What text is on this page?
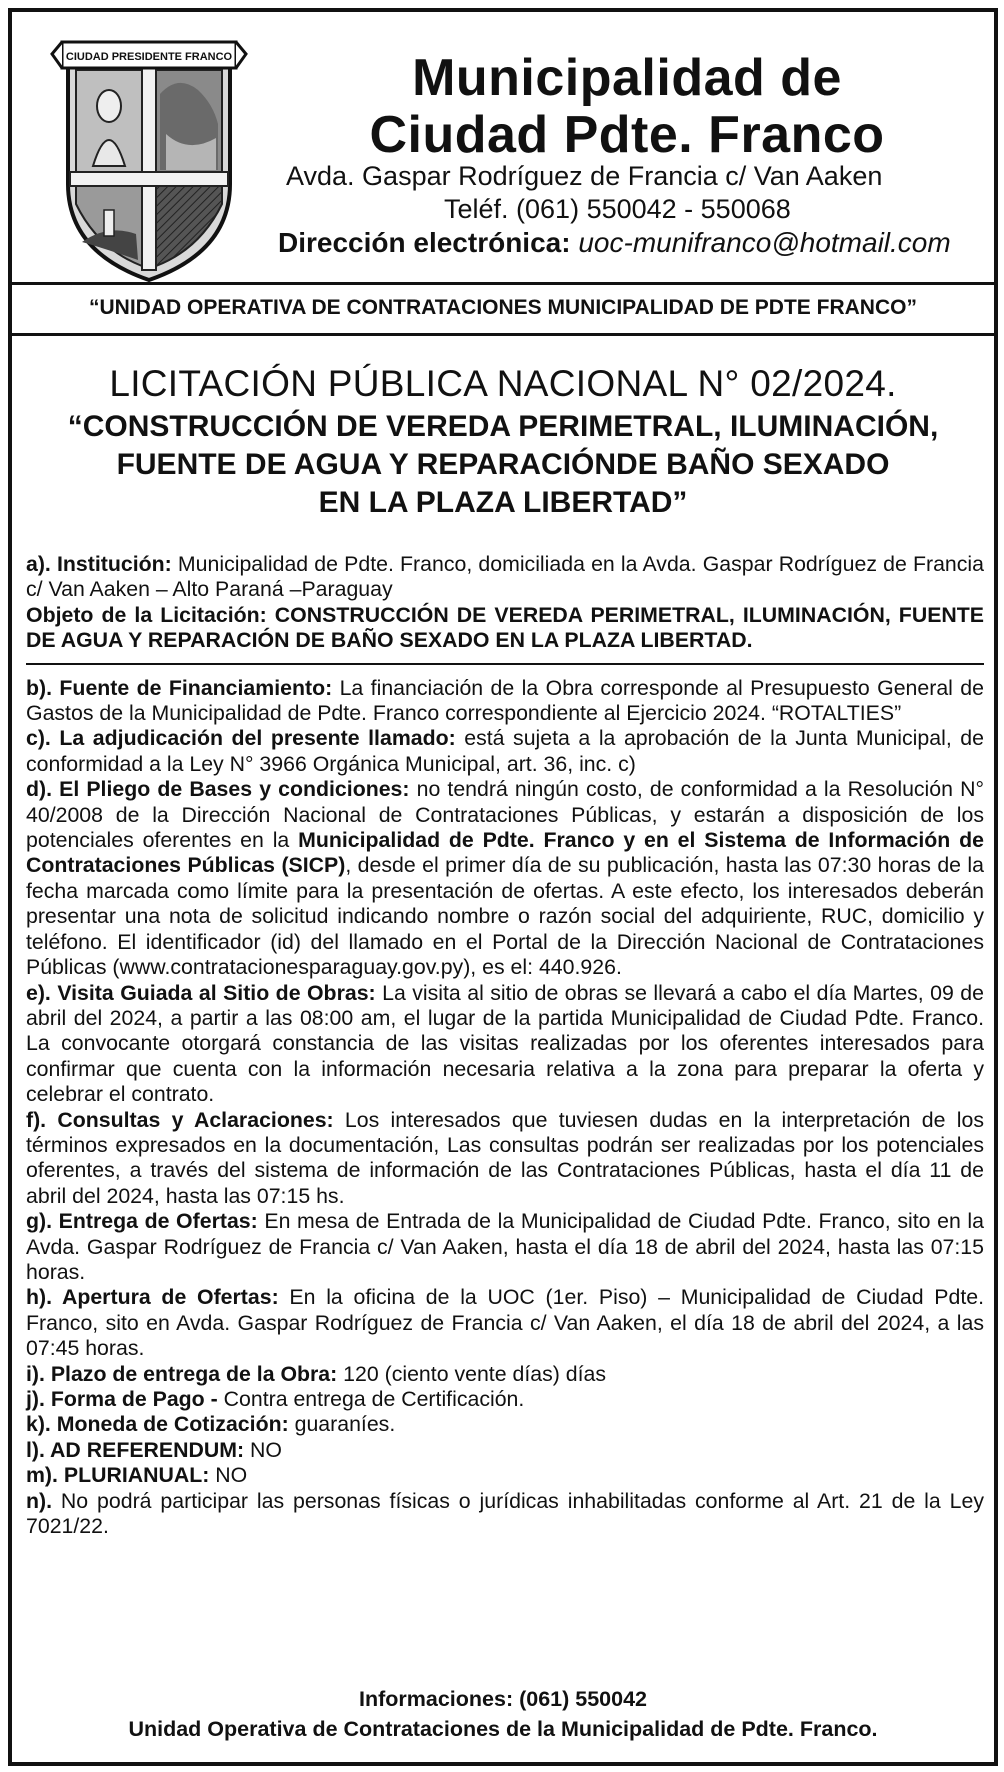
CIUDAD PRESIDENTE FRANCO	Municipalidad de
Ciudad Pdte. Franco
Avda. Gaspar Rodríguez de Francia c/ Van Aaken
Teléf. (061) 550042 - 550068
Dirección electrónica: uoc-munifranco@hotmail.com
“UNIDAD OPERATIVA DE CONTRATACIONES MUNICIPALIDAD DE PDTE FRANCO”
LICITACIÓN PÚBLICA NACIONAL N° 02/2024.
“CONSTRUCCIÓN DE VEREDA PERIMETRAL, ILUMINACIÓN,
FUENTE DE AGUA Y REPARACIÓNDE BAÑO SEXADO
EN LA PLAZA LIBERTAD”

a). Institución: Municipalidad de Pdte. Franco, domiciliada en la Avda. Gaspar Rodríguez de Francia c/ Van Aaken – Alto Paraná –Paraguay

Objeto de la Licitación: CONSTRUCCIÓN DE VEREDA PERIMETRAL, ILUMINACIÓN, FUENTE DE AGUA Y REPARACIÓN DE BAÑO SEXADO EN LA PLAZA LIBERTAD.

b). Fuente de Financiamiento: La financiación de la Obra corresponde al Presupuesto General de Gastos de la Municipalidad de Pdte. Franco correspondiente al Ejercicio 2024. “ROTALTIES”

c). La adjudicación del presente llamado: está sujeta a la aprobación de la Junta Municipal, de conformidad a la Ley N° 3966 Orgánica Municipal, art. 36, inc. c)

d). El Pliego de Bases y condiciones: no tendrá ningún costo, de conformidad a la Resolución N° 40/2008 de la Dirección Nacional de Contrataciones Públicas, y estarán a disposición de los potenciales oferentes en la Municipalidad de Pdte. Franco y en el Sistema de Información de Contrataciones Públicas (SICP), desde el primer día de su publicación, hasta las 07:30 horas de la fecha marcada como límite para la presentación de ofertas. A este efecto, los interesados deberán presentar una nota de solicitud indicando nombre o razón social del adquiriente, RUC, domicilio y teléfono. El identificador (id) del llamado en el Portal de la Dirección Nacional de Contrataciones Públicas (www.contratacionesparaguay.gov.py), es el: 440.926.

e). Visita Guiada al Sitio de Obras: La visita al sitio de obras se llevará a cabo el día Martes, 09 de abril del 2024, a partir a las 08:00 am, el lugar de la partida Municipalidad de Ciudad Pdte. Franco. La convocante otorgará constancia de las visitas realizadas por los oferentes interesados para confirmar que cuenta con la información necesaria relativa a la zona para preparar la oferta y celebrar el contrato.

f). Consultas y Aclaraciones: Los interesados que tuviesen dudas en la interpretación de los términos expresados en la documentación, Las consultas podrán ser realizadas por los potenciales oferentes, a través del sistema de información de las Contrataciones Públicas, hasta el día 11 de abril del 2024, hasta las 07:15 hs.

g). Entrega de Ofertas: En mesa de Entrada de la Municipalidad de Ciudad Pdte. Franco, sito en la Avda. Gaspar Rodríguez de Francia c/ Van Aaken, hasta el día 18 de abril del 2024, hasta las 07:15 horas.

h). Apertura de Ofertas: En la oficina de la UOC (1er. Piso) – Municipalidad de Ciudad Pdte. Franco, sito en Avda. Gaspar Rodríguez de Francia c/ Van Aaken, el día 18 de abril del 2024, a las 07:45 horas.

i). Plazo de entrega de la Obra: 120 (ciento vente días) días

j). Forma de Pago - Contra entrega de Certificación.

k). Moneda de Cotización: guaraníes.

l). AD REFERENDUM: NO

m). PLURIANUAL: NO

n). No podrá participar las personas físicas o jurídicas inhabilitadas conforme al Art. 21 de la Ley 7021/22.

Informaciones: (061) 550042
Unidad Operativa de Contrataciones de la Municipalidad de Pdte. Franco.
